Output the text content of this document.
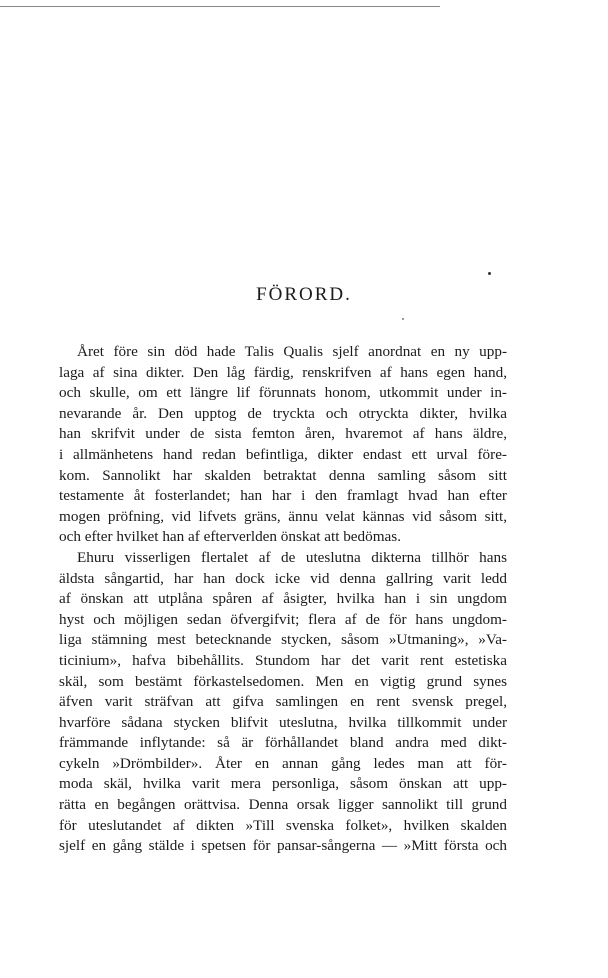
FÖRORD.
Året före sin död hade Talis Qualis sjelf anordnat en ny upp-
laga af sina dikter. Den låg färdig, renskrifven af hans egen hand,
och skulle, om ett längre lif förunnats honom, utkommit under in-
nevarande år. Den upptog de tryckta och otryckta dikter, hvilka
han skrifvit under de sista femton åren, hvaremot af hans äldre,
i allmänhetens hand redan befintliga, dikter endast ett urval före-
kom. Sannolikt har skalden betraktat denna samling såsom sitt
testamente åt fosterlandet; han har i den framlagt hvad han efter
mogen pröfning, vid lifvets gräns, ännu velat kännas vid såsom sitt,
och efter hvilket han af efterverlden önskat att bedömas.
Ehuru visserligen flertalet af de uteslutna dikterna tillhör hans
äldsta sångartid, har han dock icke vid denna gallring varit ledd
af önskan att utplåna spåren af åsigter, hvilka han i sin ungdom
hyst och möjligen sedan öfvergifvit; flera af de för hans ungdom-
liga stämning mest betecknande stycken, såsom »Utmaning», »Va-
ticinium», hafva bibehållits. Stundom har det varit rent estetiska
skäl, som bestämt förkastelsedomen. Men en vigtig grund synes
äfven varit sträfvan att gifva samlingen en rent svensk pregel,
hvarföre sådana stycken blifvit uteslutna, hvilka tillkommit under
främmande inflytande: så är förhållandet bland andra med dikt-
cykeln »Drömbilder». Åter en annan gång ledes man att för-
moda skäl, hvilka varit mera personliga, såsom önskan att upp-
rätta en begången orättvisa. Denna orsak ligger sannolikt till grund
för uteslutandet af dikten »Till svenska folket», hvilken skalden
sjelf en gång stälde i spetsen för pansar-sångerna — »Mitt första och
